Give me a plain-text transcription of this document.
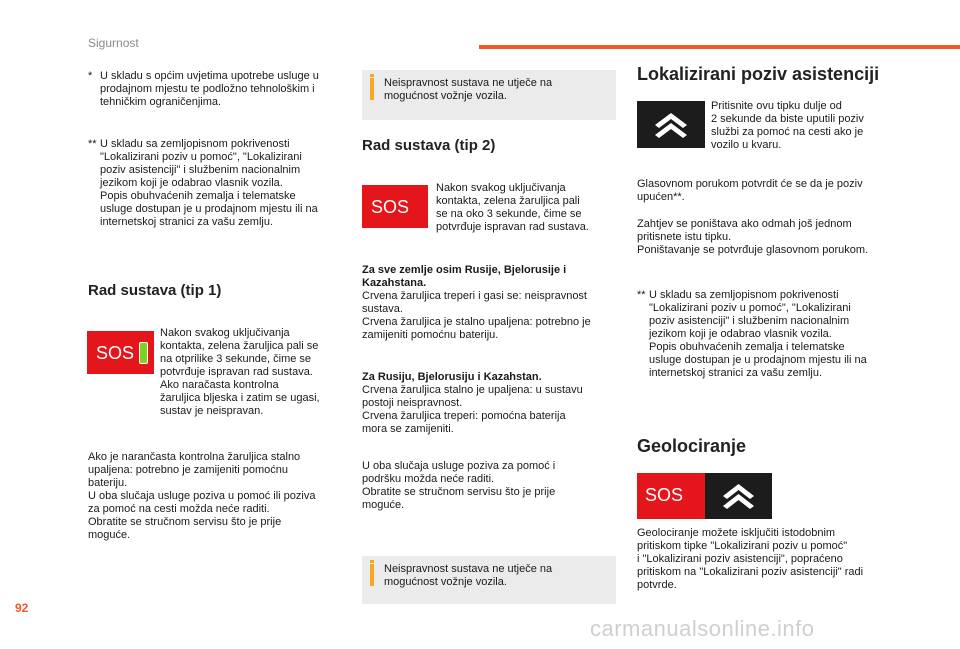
Sigurnost
* U skladu s općim uvjetima upotrebe usluge u
prodajnom mjestu te podložno tehnološkim i
tehničkim ograničenjima.
** U skladu sa zemljopisnom pokrivenosti
"Lokalizirani poziv u pomoć", "Lokalizirani
poziv asistenciji" i službenim nacionalnim
jezikom koji je odabrao vlasnik vozila.
Popis obuhvaćenih zemalja i telematske
usluge dostupan je u prodajnom mjestu ili na
internetskoj stranici za vašu zemlju.
Rad sustava (tip 1)
SOS
Nakon svakog uključivanja
kontakta, zelena žaruljica pali se
na otprilike 3 sekunde, čime se
potvrđuje ispravan rad sustava.
Ako naračasta kontrolna
žaruljica bljeska i zatim se ugasi,
sustav je neispravan.
Ako je narančasta kontrolna žaruljica stalno
upaljena: potrebno je zamijeniti pomoćnu
bateriju.
U oba slučaja usluge poziva u pomoć ili poziva
za pomoć na cesti možda neće raditi.
Obratite se stručnom servisu što je prije
moguće.
Neispravnost sustava ne utječe na
mogućnost vožnje vozila.
Rad sustava (tip 2)
SOS
Nakon svakog uključivanja
kontakta, zelena žaruljica pali
se na oko 3 sekunde, čime se
potvrđuje ispravan rad sustava.
Za sve zemlje osim Rusije, Bjelorusije i
Kazahstana.
Crvena žaruljica treperi i gasi se: neispravnost
sustava.
Crvena žaruljica je stalno upaljena: potrebno je
zamijeniti pomoćnu bateriju.
Za Rusiju, Bjelorusiju i Kazahstan.
Crvena žaruljica stalno je upaljena: u sustavu
postoji neispravnost.
Crvena žaruljica treperi: pomoćna baterija
mora se zamijeniti.
U oba slučaja usluge poziva za pomoć i
podršku možda neće raditi.
Obratite se stručnom servisu što je prije
moguće.
Neispravnost sustava ne utječe na
mogućnost vožnje vozila.
Lokalizirani poziv asistenciji
Pritisnite ovu tipku dulje od
2 sekunde da biste uputili poziv
službi za pomoć na cesti ako je
vozilo u kvaru.
Glasovnom porukom potvrdit će se da je poziv
upućen**.
Zahtjev se poništava ako odmah još jednom
pritisnete istu tipku.
Poništavanje se potvrđuje glasovnom porukom.
** U skladu sa zemljopisnom pokrivenosti
"Lokalizirani poziv u pomoć", "Lokalizirani
poziv asistenciji" i službenim nacionalnim
jezikom koji je odabrao vlasnik vozila.
Popis obuhvaćenih zemalja i telematske
usluge dostupan je u prodajnom mjestu ili na
internetskoj stranici za vašu zemlju.
Geolociranje
SOS
Geolociranje možete isključiti istodobnim
pritiskom tipke "Lokalizirani poziv u pomoć"
i "Lokalizirani poziv asistenciji", popraćeno
pritiskom na "Lokalizirani poziv asistenciji" radi
potvrde.
92
carmanualsonline.info
